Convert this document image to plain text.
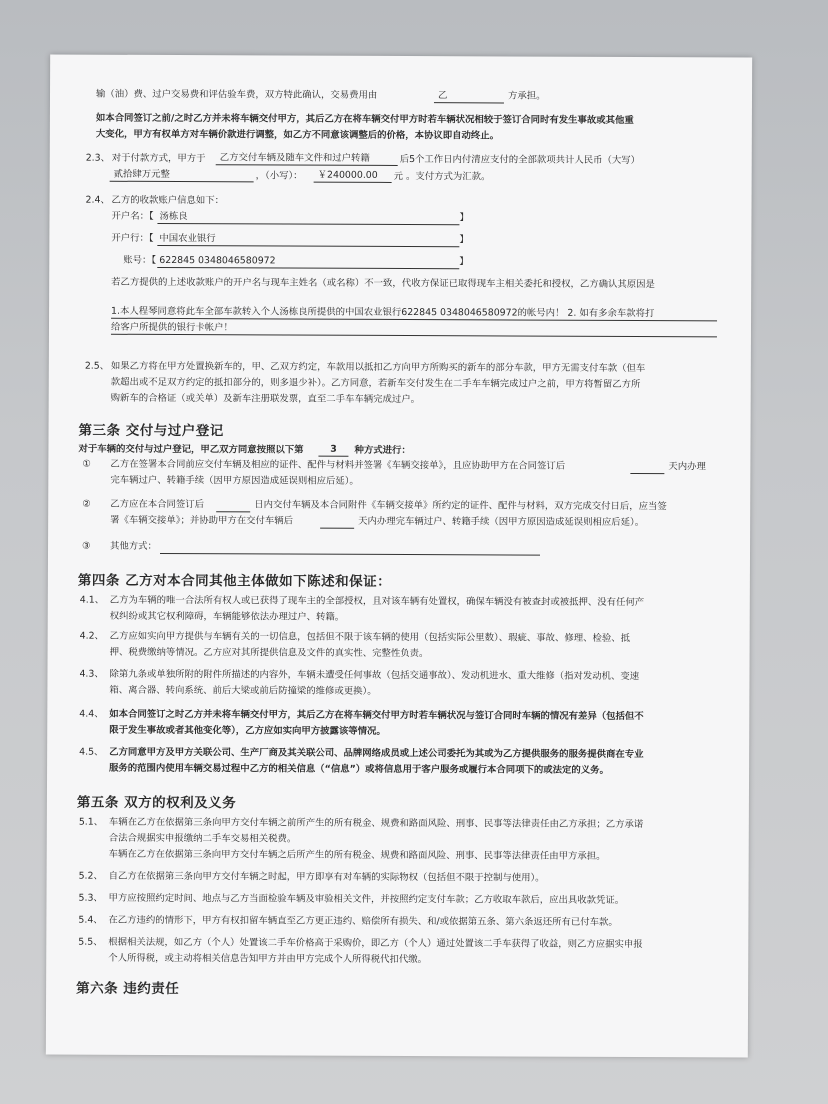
输（油）费、过户交易费和评估验车费，双方特此确认，交易费用由	乙	方承担。
如本合同签订之前/之时乙方并未将车辆交付甲方，其后乙方在将车辆交付甲方时若车辆状况相较于签订合同时有发生事故或其他重
大变化，甲方有权单方对车辆价款进行调整，如乙方不同意该调整后的价格，本协议即自动终止。
2.3、 对于付款方式，甲方于	乙方交付车辆及随车文件和过户转籍	后5个工作日内付清应支付的全部款项共计人民币（大写）
贰拾肆万元整	，（小写）：	￥240000.00	元 。支付方式为汇款。
2.4、 乙方的收款账户信息如下：
开户名：【 汤栋良	】
开户行：【 中国农业银行	】
账号：【 622845 0348046580972	】
若乙方提供的上述收款账户的开户名与现车主姓名（或名称）不一致，代收方保证已取得现车主相关委托和授权，乙方确认其原因是
1.本人程琴同意将此车全部车款转入个人汤栋良所提供的中国农业银行622845 0348046580972的帐号内！ 2. 如有多余车款将打
给客户所提供的银行卡帐户！
2.5、 如果乙方将在甲方处置换新车的，甲、乙双方约定，车款用以抵扣乙方向甲方所购买的新车的部分车款，甲方无需支付车款（但车
款超出或不足双方约定的抵扣部分的，则多退少补）。乙方同意，若新车交付发生在二手车车辆完成过户之前，甲方将暂留乙方所
购新车的合格证（或关单）及新车注册联发票，直至二手车车辆完成过户。
第三条 交付与过户登记
对于车辆的交付与过户登记，甲乙双方同意按照以下第	3	种方式进行：
① 乙方在签署本合同前应交付车辆及相应的证件、配件与材料并签署《车辆交接单》，且应协助甲方在合同签订后	天内办理
完车辆过户、转籍手续（因甲方原因造成延误则相应后延）。
② 乙方应在本合同签订后	日内交付车辆及本合同附件《车辆交接单》所约定的证件、配件与材料，双方完成交付日后，应当签
署《车辆交接单》；并协助甲方在交付车辆后	天内办理完车辆过户、转籍手续（因甲方原因造成延误则相应后延）。
③ 其他方式：
第四条 乙方对本合同其他主体做如下陈述和保证：
4.1、 乙方为车辆的唯一合法所有权人或已获得了现车主的全部授权，且对该车辆有处置权，确保车辆没有被查封或被抵押、没有任何产
权纠纷或其它权利障碍，车辆能够依法办理过户、转籍。
4.2、 乙方应如实向甲方提供与车辆有关的一切信息，包括但不限于该车辆的使用（包括实际公里数）、瑕疵、事故、修理、检验、抵
押、税费缴纳等情况。乙方应对其所提供信息及文件的真实性、完整性负责。
4.3、 除第九条或单独所附的附件所描述的内容外，车辆未遭受任何事故（包括交通事故）、发动机进水、重大维修（指对发动机、变速
箱、离合器、转向系统、前后大梁或前后防撞梁的维修或更换）。
4.4、 如本合同签订之时乙方并未将车辆交付甲方，其后乙方在将车辆交付甲方时若车辆状况与签订合同时车辆的情况有差异（包括但不
限于发生事故或者其他变化等），乙方应如实向甲方披露该等情况。
4.5、 乙方同意甲方及甲方关联公司、生产厂商及其关联公司、品牌网络成员或上述公司委托为其或为乙方提供服务的服务提供商在专业
服务的范围内使用车辆交易过程中乙方的相关信息（“信息”）或将信息用于客户服务或履行本合同项下的或法定的义务。
第五条 双方的权利及义务
5.1、 车辆在乙方在依据第三条向甲方交付车辆之前所产生的所有税金、规费和路面风险、刑事、民事等法律责任由乙方承担；乙方承诺
合法合规据实申报缴纳二手车交易相关税费。
车辆在乙方在依据第三条向甲方交付车辆之后所产生的所有税金、规费和路面风险、刑事、民事等法律责任由甲方承担。
5.2、 自乙方在依据第三条向甲方交付车辆之时起，甲方即享有对车辆的实际物权（包括但不限于控制与使用）。
5.3、 甲方应按照约定时间、地点与乙方当面检验车辆及审验相关文件，并按照约定支付车款；乙方收取车款后，应出具收款凭证。
5.4、 在乙方违约的情形下，甲方有权扣留车辆直至乙方更正违约、赔偿所有损失、和/或依据第五条、第六条返还所有已付车款。
5.5、 根据相关法规，如乙方（个人）处置该二手车价格高于采购价，即乙方（个人）通过处置该二手车获得了收益，则乙方应据实申报
个人所得税，或主动将相关信息告知甲方并由甲方完成个人所得税代扣代缴。
第六条 违约责任
